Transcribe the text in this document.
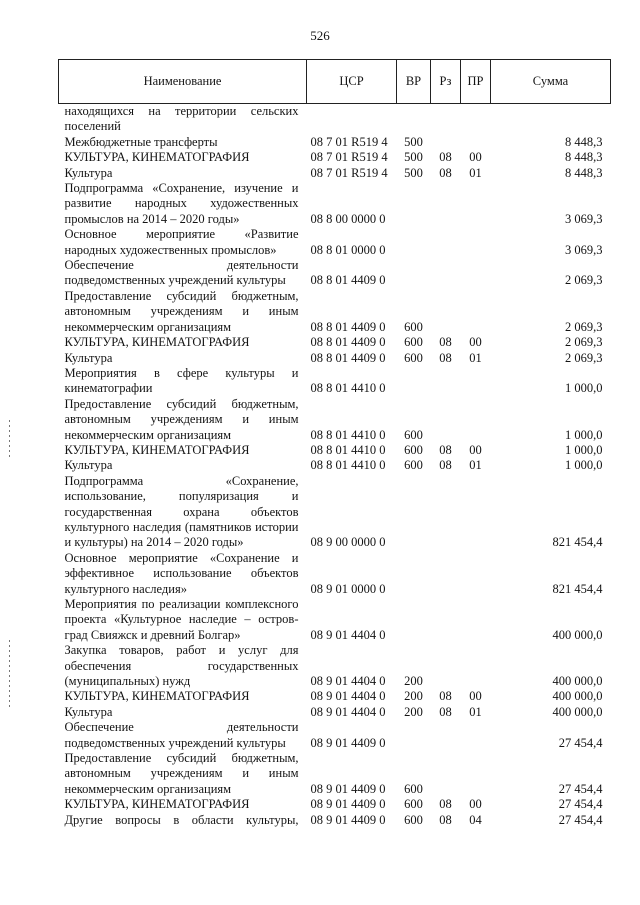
526
Наименование	ЦСР	ВР	Рз	ПР	Сумма
находящихся на территории сельских поселений					
Межбюджетные трансферты	08 7 01 R519 4	500			8 448,3
КУЛЬТУРА, КИНЕМАТОГРАФИЯ	08 7 01 R519 4	500	08	00	8 448,3
Культура	08 7 01 R519 4	500	08	01	8 448,3
Подпрограмма «Сохранение, изучение и развитие народных художественных промыслов на 2014 – 2020 годы»	08 8 00 0000 0				3 069,3
Основное мероприятие «Развитие народных художественных промыслов»	08 8 01 0000 0				3 069,3
Обеспечение деятельности подведомственных учреждений культуры	08 8 01 4409 0				2 069,3
Предоставление субсидий бюджетным, автономным учреждениям и иным некоммерческим организациям	08 8 01 4409 0	600			2 069,3
КУЛЬТУРА, КИНЕМАТОГРАФИЯ	08 8 01 4409 0	600	08	00	2 069,3
Культура	08 8 01 4409 0	600	08	01	2 069,3
Мероприятия в сфере культуры и кинематографии	08 8 01 4410 0				1 000,0
Предоставление субсидий бюджетным, автономным учреждениям и иным некоммерческим организациям	08 8 01 4410 0	600			1 000,0
КУЛЬТУРА, КИНЕМАТОГРАФИЯ	08 8 01 4410 0	600	08	00	1 000,0
Культура	08 8 01 4410 0	600	08	01	1 000,0
Подпрограмма «Сохранение, использование, популяризация и государственная охрана объектов культурного наследия (памятников истории и культуры) на 2014 – 2020 годы»	08 9 00 0000 0				821 454,4
Основное мероприятие «Сохранение и эффективное использование объектов культурного наследия»	08 9 01 0000 0				821 454,4
Мероприятия по реализации комплексного проекта «Культурное наследие – остров-град Свияжск и древний Болгар»	08 9 01 4404 0				400 000,0
Закупка товаров, работ и услуг для обеспечения государственных (муниципальных) нужд	08 9 01 4404 0	200			400 000,0
КУЛЬТУРА, КИНЕМАТОГРАФИЯ	08 9 01 4404 0	200	08	00	400 000,0
Культура	08 9 01 4404 0	200	08	01	400 000,0
Обеспечение деятельности подведомственных учреждений культуры	08 9 01 4409 0				27 454,4
Предоставление субсидий бюджетным, автономным учреждениям и иным некоммерческим организациям	08 9 01 4409 0	600			27 454,4
КУЛЬТУРА, КИНЕМАТОГРАФИЯ	08 9 01 4409 0	600	08	00	27 454,4
Другие вопросы в области культуры,	08 9 01 4409 0	600	08	04	27 454,4
